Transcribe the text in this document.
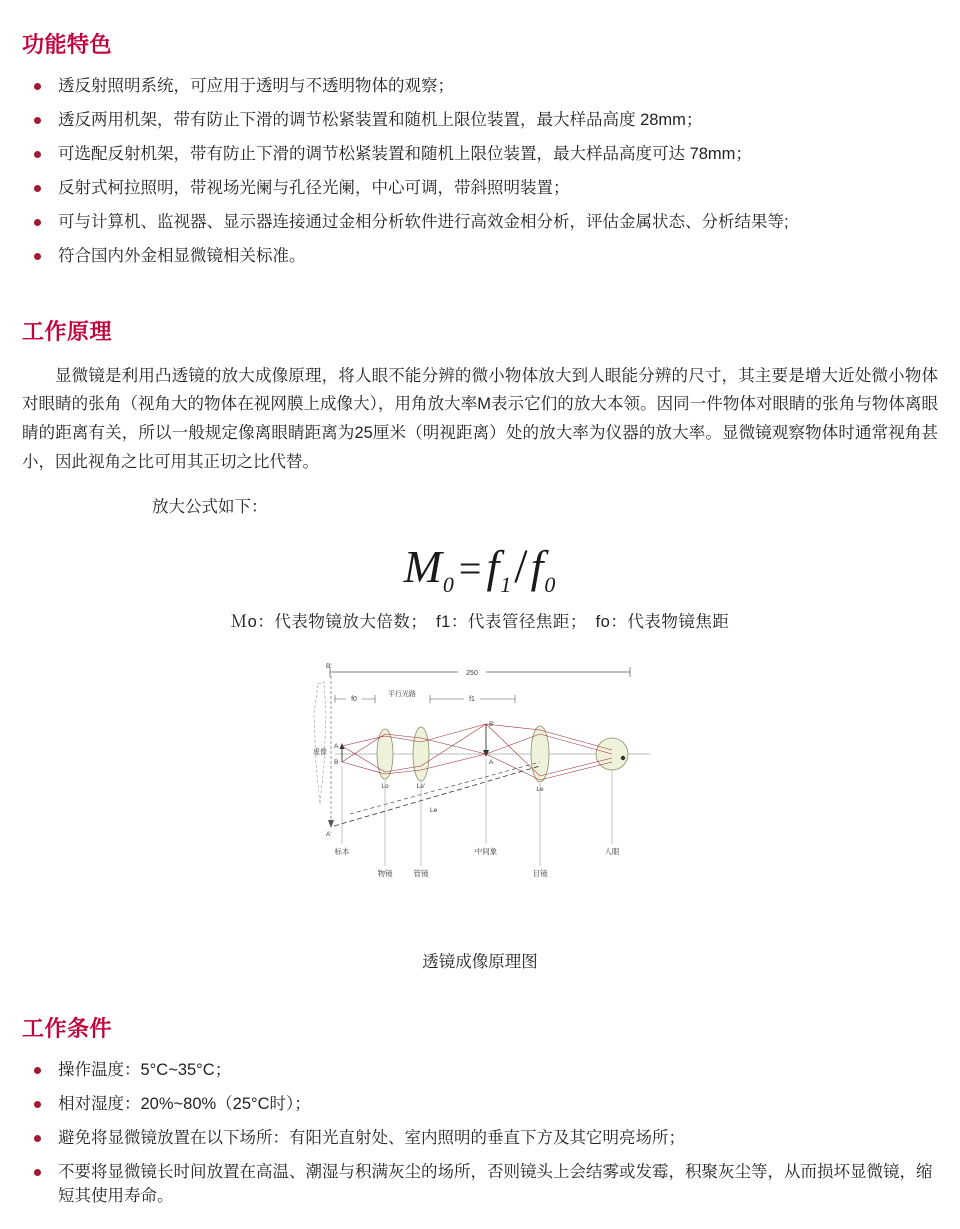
功能特色
透反射照明系统，可应用于透明与不透明物体的观察；
透反两用机架，带有防止下滑的调节松紧装置和随机上限位装置，最大样品高度 28mm；
可选配反射机架，带有防止下滑的调节松紧装置和随机上限位装置，最大样品高度可达 78mm；
反射式柯拉照明，带视场光阑与孔径光阑，中心可调，带斜照明装置；
可与计算机、监视器、显示器连接通过金相分析软件进行高效金相分析，评估金属状态、分析结果等;
符合国内外金相显微镜相关标准。
工作原理

显微镜是利用凸透镜的放大成像原理，将人眼不能分辨的微小物体放大到人眼能分辨的尺寸，其主要是增大近处微小物体对眼睛的张角（视角大的物体在视网膜上成像大），用角放大率M表示它们的放大本领。因同一件物体对眼睛的张角与物体离眼睛的距离有关，所以一般规定像离眼睛距离为25厘米（明视距离）处的放大率为仪器的放大率。显微镜观察物体时通常视角甚小，因此视角之比可用其正切之比代替。

放大公式如下：
$M_0 =f_1/f_0$
Ｍo：代表物镜放大倍数；　f1：代表管径焦距；　fo：代表物镜焦距
250
f0
平行光路
f1
虚像
B'
A
B
Lo	Le'	Le
B'
A
A'
Le
标本
物镜	管镜
中间象
目镜
人眼
透镜成像原理图
工作条件
操作温度：5°C~35°C；
相对湿度：20%~80%（25°C时）；
避免将显微镜放置在以下场所：有阳光直射处、室内照明的垂直下方及其它明亮场所；
不要将显微镜长时间放置在高温、潮湿与积满灰尘的场所，否则镜头上会结雾或发霉，积聚灰尘等，从而损坏显微镜，缩短其使用寿命。
